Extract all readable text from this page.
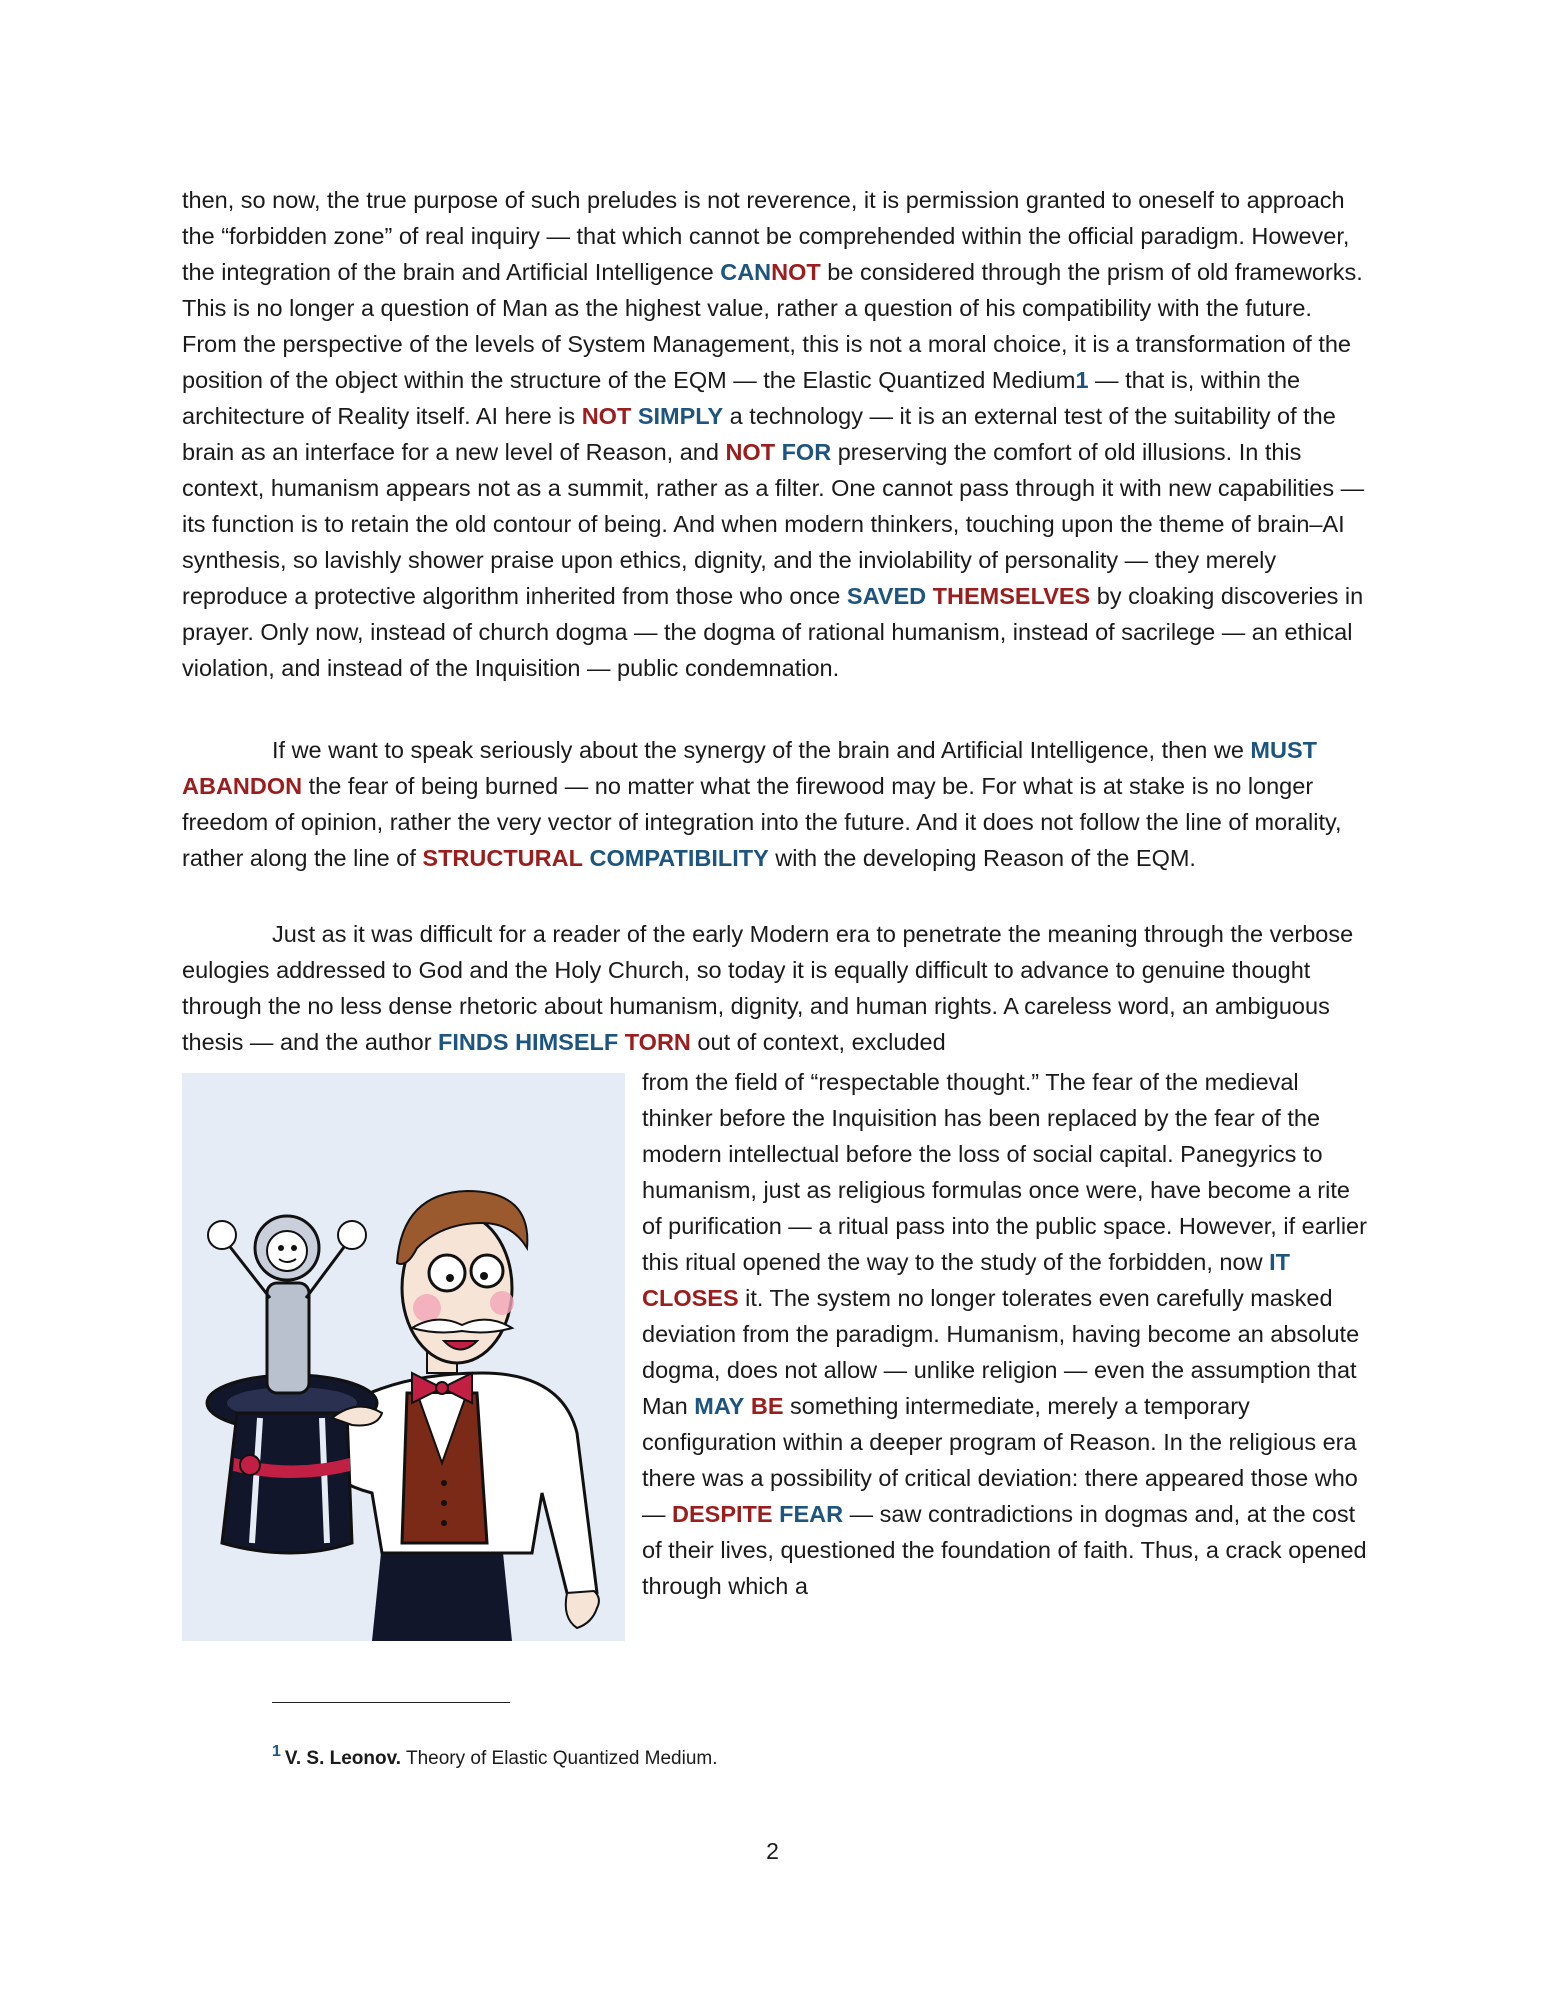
then, so now, the true purpose of such preludes is not reverence, it is permission granted to oneself to approach the “forbidden zone” of real inquiry — that which cannot be comprehended within the official paradigm. However, the integration of the brain and Artificial Intelligence CANNOT be considered through the prism of old frameworks. This is no longer a question of Man as the highest value, rather a question of his compatibility with the future. From the perspective of the levels of System Management, this is not a moral choice, it is a transformation of the position of the object within the structure of the EQM — the Elastic Quantized Medium1 — that is, within the architecture of Reality itself. AI here is NOT SIMPLY a technology — it is an external test of the suitability of the brain as an interface for a new level of Reason, and NOT FOR preserving the comfort of old illusions. In this context, humanism appears not as a summit, rather as a filter. One cannot pass through it with new capabilities — its function is to retain the old contour of being. And when modern thinkers, touching upon the theme of brain–AI synthesis, so lavishly shower praise upon ethics, dignity, and the inviolability of personality — they merely reproduce a protective algorithm inherited from those who once SAVED THEMSELVES by cloaking discoveries in prayer. Only now, instead of church dogma — the dogma of rational humanism, instead of sacrilege — an ethical violation, and instead of the Inquisition — public condemnation.

If we want to speak seriously about the synergy of the brain and Artificial Intelligence, then we MUST ABANDON the fear of being burned — no matter what the firewood may be. For what is at stake is no longer freedom of opinion, rather the very vector of integration into the future. And it does not follow the line of morality, rather along the line of STRUCTURAL COMPATIBILITY with the developing Reason of the EQM.

Just as it was difficult for a reader of the early Modern era to penetrate the meaning through the verbose eulogies addressed to God and the Holy Church, so today it is equally difficult to advance to genuine thought through the no less dense rhetoric about humanism, dignity, and human rights. A careless word, an ambiguous thesis — and the author FINDS HIMSELF TORN out of context, excluded

from the field of “respectable thought.” The fear of the medieval thinker before the Inquisition has been replaced by the fear of the modern intellectual before the loss of social capital. Panegyrics to humanism, just as religious formulas once were, have become a rite of purification — a ritual pass into the public space. However, if earlier this ritual opened the way to the study of the forbidden, now IT CLOSES it. The system no longer tolerates even carefully masked deviation from the paradigm. Humanism, having become an absolute dogma, does not allow — unlike religion — even the assumption that Man MAY BE something intermediate, merely a temporary configuration within a deeper program of Reason. In the religious era there was a possibility of critical deviation: there appeared those who — DESPITE FEAR — saw contradictions in dogmas and, at the cost of their lives, questioned the foundation of faith. Thus, a crack opened through which a

$^1$ V. S. Leonov. Theory of Elastic Quantized Medium.
2
